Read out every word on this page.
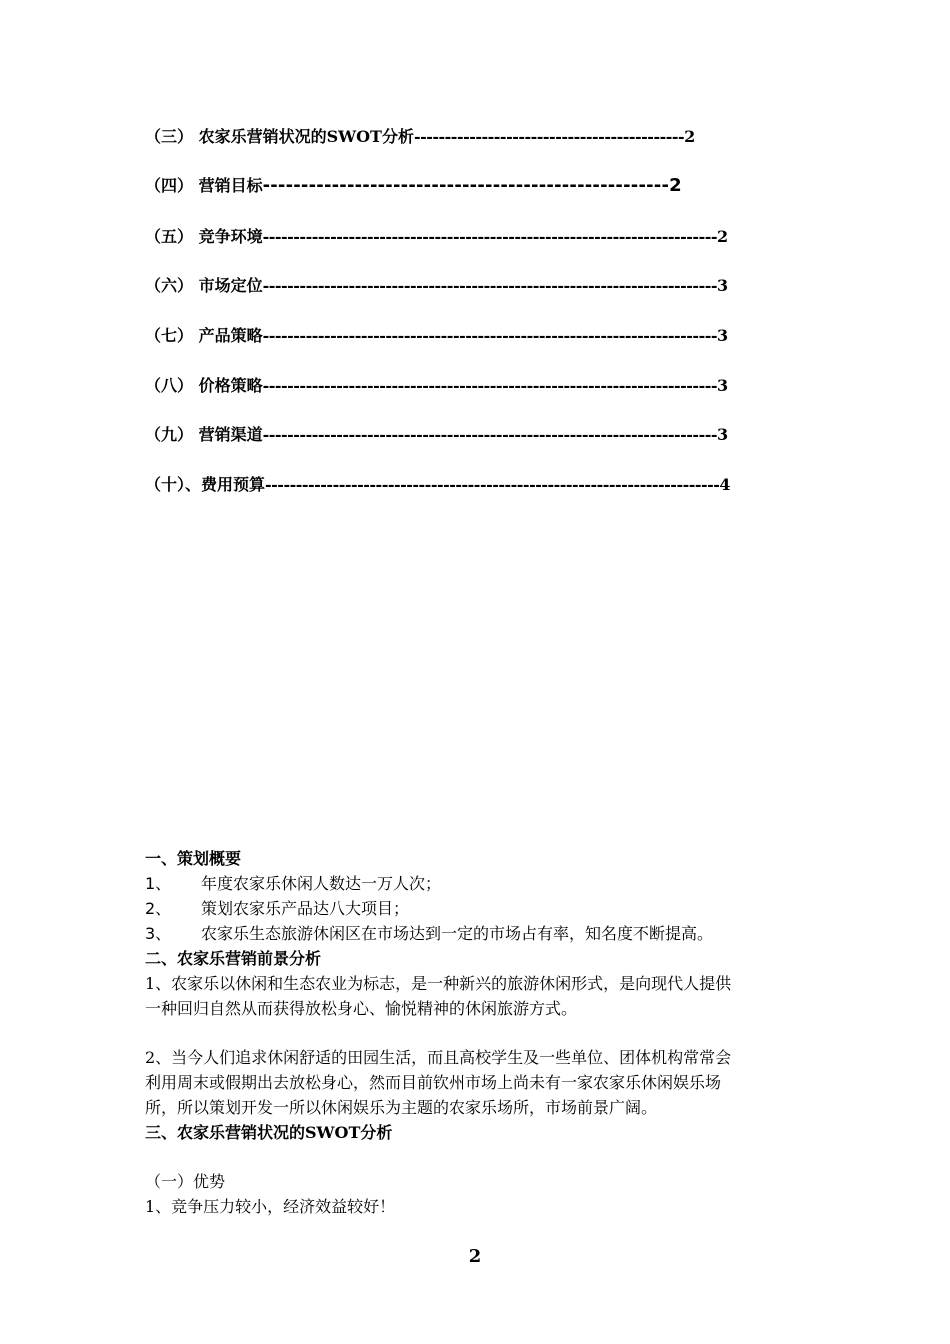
（三） 农家乐营销状况的SWOT分析--------------------------------------------2
（四） 营销目标-----------------------------------------------------2
（五） 竞争环境--------------------------------------------------------------------------2
（六） 市场定位--------------------------------------------------------------------------3
（七） 产品策略--------------------------------------------------------------------------3
（八） 价格策略--------------------------------------------------------------------------3
（九） 营销渠道--------------------------------------------------------------------------3
（十）、费用预算--------------------------------------------------------------------------4
一、策划概要
1、 年度农家乐休闲人数达一万人次；
2、 策划农家乐产品达八大项目；
3、 农家乐生态旅游休闲区在市场达到一定的市场占有率，知名度不断提高。
二、农家乐营销前景分析
1、农家乐以休闲和生态农业为标志，是一种新兴的旅游休闲形式，是向现代人提供
一种回归自然从而获得放松身心、愉悦精神的休闲旅游方式。
2、当今人们追求休闲舒适的田园生活，而且高校学生及一些单位、团体机构常常会
利用周末或假期出去放松身心，然而目前钦州市场上尚未有一家农家乐休闲娱乐场
所，所以策划开发一所以休闲娱乐为主题的农家乐场所，市场前景广阔。
三、农家乐营销状况的SWOT分析
（一）优势
1、竞争压力较小，经济效益较好！
2
